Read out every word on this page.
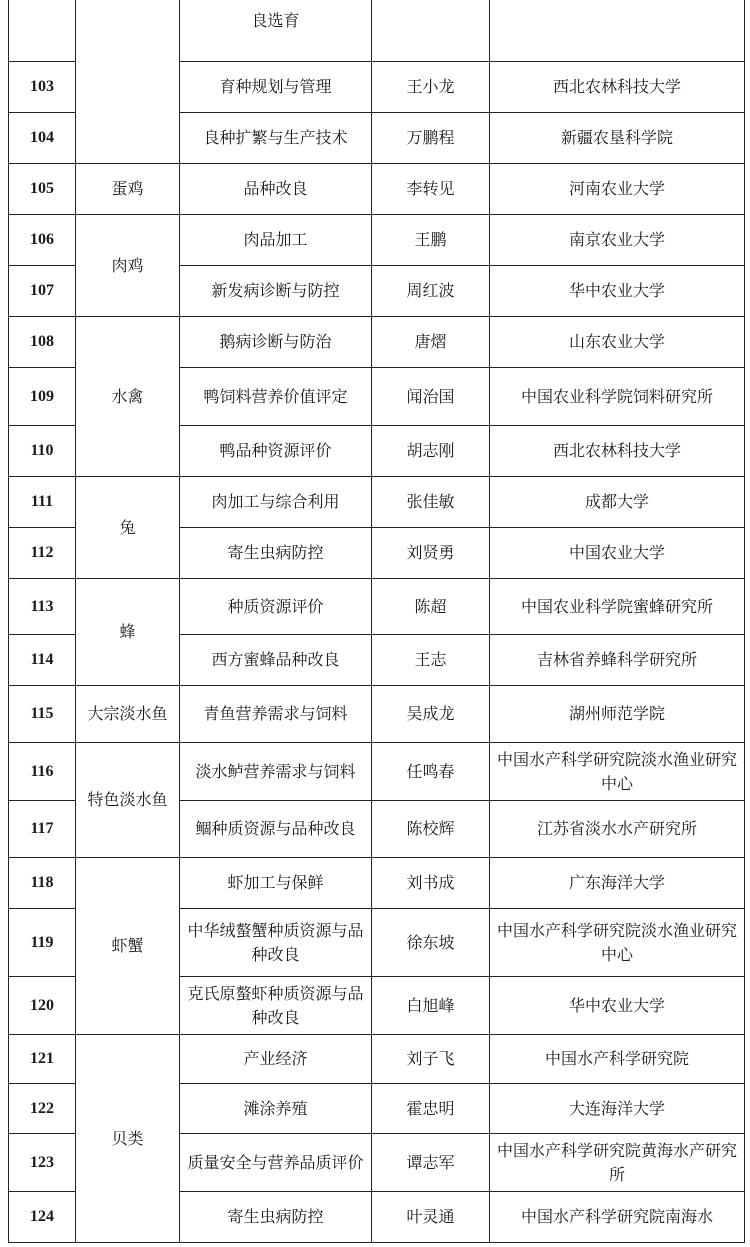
		良选育		
103		育种规划与管理	王小龙	西北农林科技大学
104		良种扩繁与生产技术	万鹏程	新疆农垦科学院
105	蛋鸡	品种改良	李转见	河南农业大学
106	肉鸡	肉品加工	王鹏	南京农业大学
107		新发病诊断与防控	周红波	华中农业大学
108	水禽	鹅病诊断与防治	唐熠	山东农业大学
109		鸭饲料营养价值评定	闻治国	中国农业科学院饲料研究所
110		鸭品种资源评价	胡志刚	西北农林科技大学
111	兔	肉加工与综合利用	张佳敏	成都大学
112		寄生虫病防控	刘贤勇	中国农业大学
113	蜂	种质资源评价	陈超	中国农业科学院蜜蜂研究所
114		西方蜜蜂品种改良	王志	吉林省养蜂科学研究所
115	大宗淡水鱼	青鱼营养需求与饲料	吴成龙	湖州师范学院
116	特色淡水鱼	淡水鲈营养需求与饲料	任鸣春	中国水产科学研究院淡水渔业研究中心
117		鲴种质资源与品种改良	陈校辉	江苏省淡水水产研究所
118	虾蟹	虾加工与保鲜	刘书成	广东海洋大学
119		中华绒螯蟹种质资源与品种改良	徐东坡	中国水产科学研究院淡水渔业研究中心
120		克氏原螯虾种质资源与品种改良	白旭峰	华中农业大学
121	贝类	产业经济	刘子飞	中国水产科学研究院
122		滩涂养殖	霍忠明	大连海洋大学
123		质量安全与营养品质评价	谭志军	中国水产科学研究院黄海水产研究所
124		寄生虫病防控	叶灵通	中国水产科学研究院南海水
